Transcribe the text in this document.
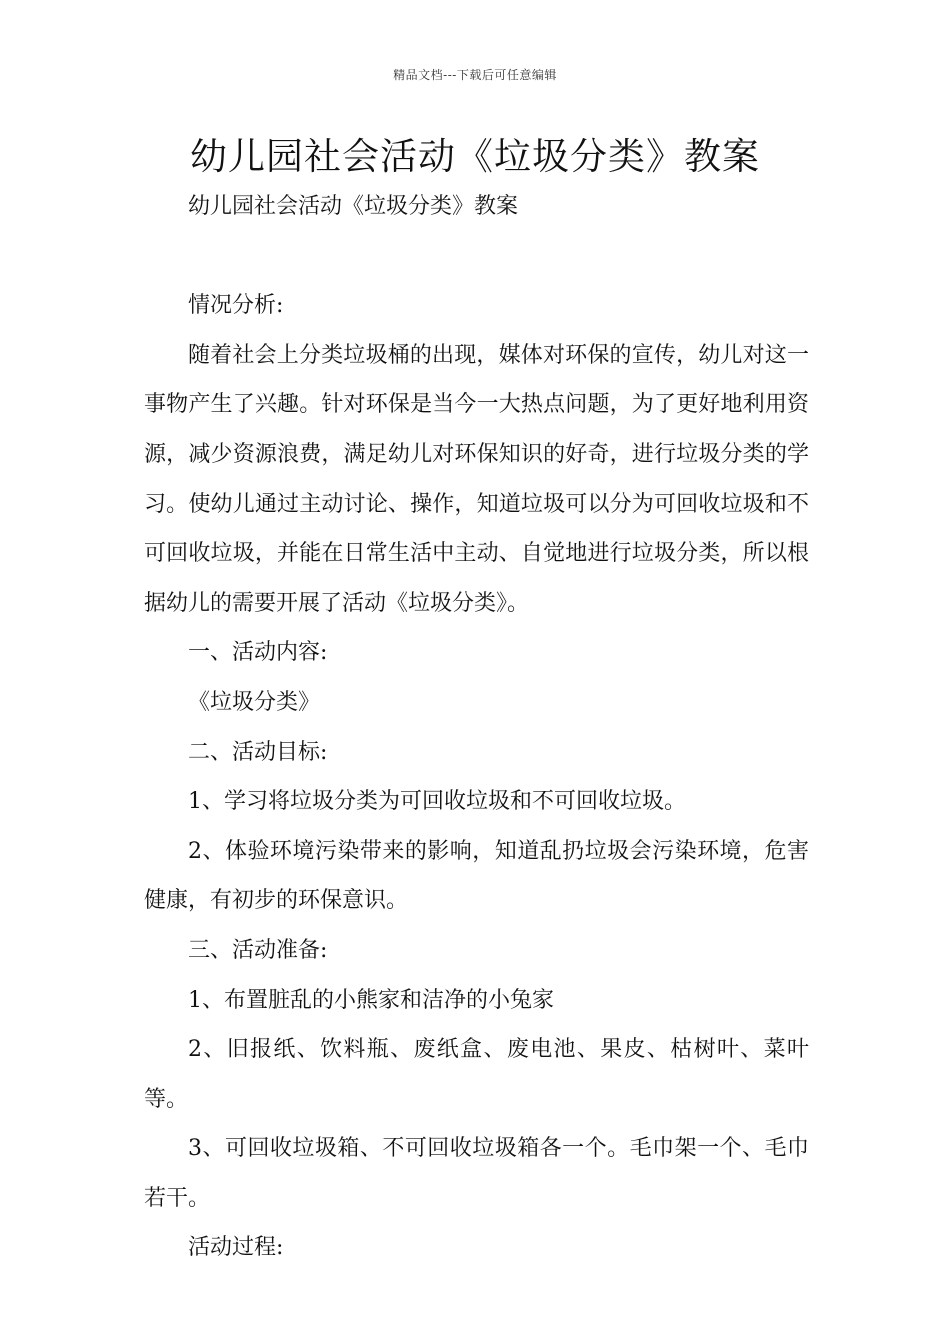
精品文档---下载后可任意编辑
幼儿园社会活动《垃圾分类》教案

幼儿园社会活动《垃圾分类》教案

情况分析:

随着社会上分类垃圾桶的出现，媒体对环保的宣传，幼儿对这一事物产生了兴趣。针对环保是当今一大热点问题，为了更好地利用资源，减少资源浪费，满足幼儿对环保知识的好奇，进行垃圾分类的学习。使幼儿通过主动讨论、操作，知道垃圾可以分为可回收垃圾和不可回收垃圾，并能在日常生活中主动、自觉地进行垃圾分类，所以根据幼儿的需要开展了活动《垃圾分类》。

一、活动内容:

《垃圾分类》

二、活动目标:

1、学习将垃圾分类为可回收垃圾和不可回收垃圾。

2、体验环境污染带来的影响，知道乱扔垃圾会污染环境，危害健康，有初步的环保意识。

三、活动准备:

1、布置脏乱的小熊家和洁净的小兔家

2、旧报纸、饮料瓶、废纸盒、废电池、果皮、枯树叶、菜叶等。

3、可回收垃圾箱、不可回收垃圾箱各一个。毛巾架一个、毛巾若干。

活动过程:
